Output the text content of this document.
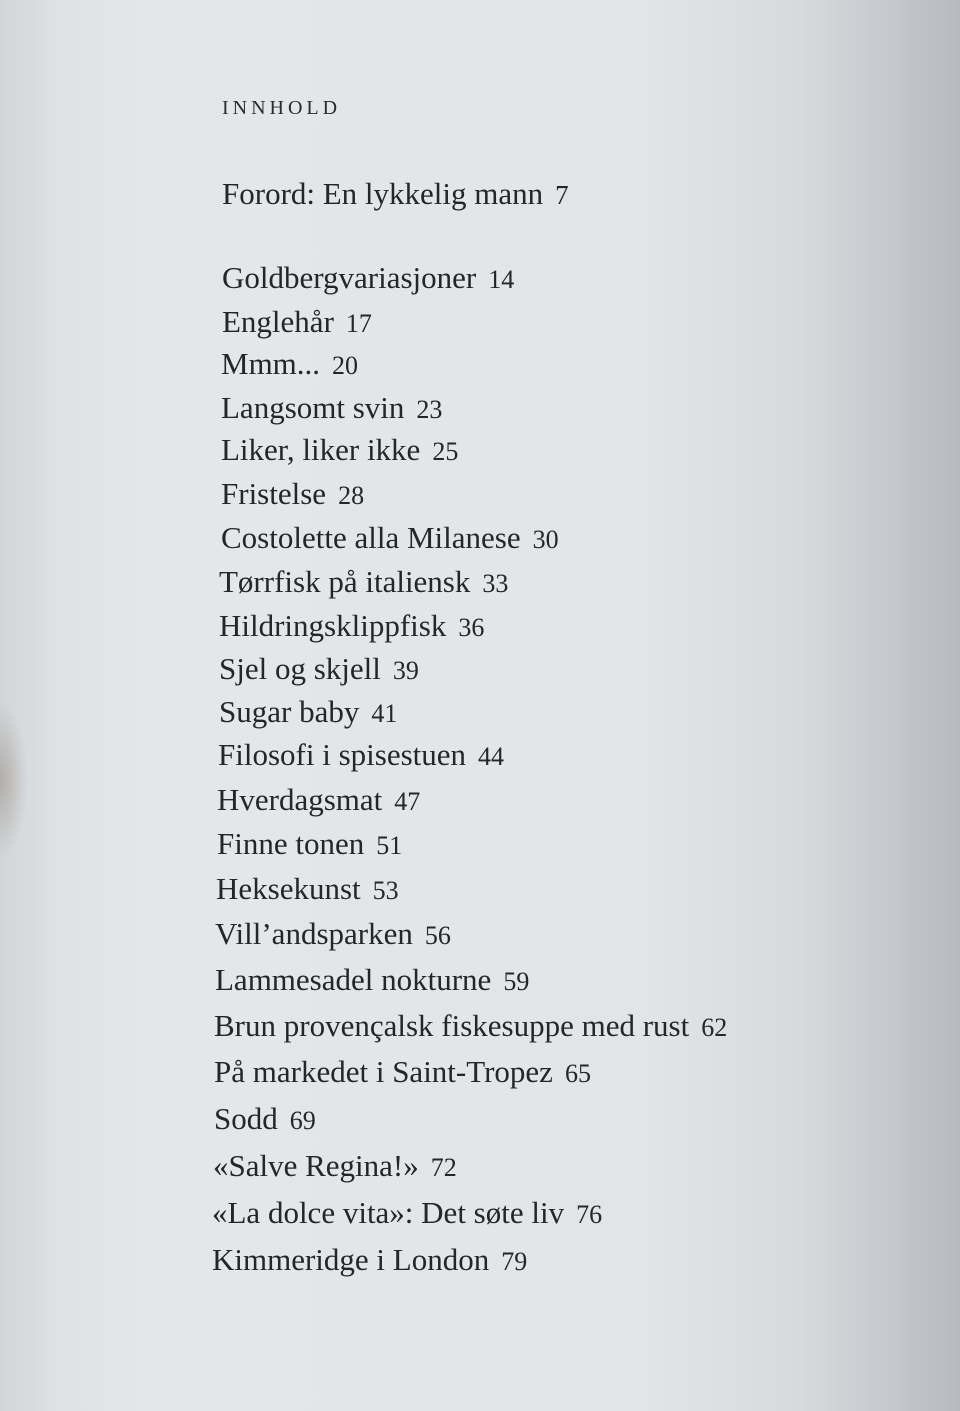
INNHOLD
Forord: En lykkelig mann 7
Goldbergvariasjoner 14
Englehår 17
Mmm... 20
Langsomt svin 23
Liker, liker ikke 25
Fristelse 28
Costolette alla Milanese 30
Tørrfisk på italiensk 33
Hildringsklippfisk 36
Sjel og skjell 39
Sugar baby 41
Filosofi i spisestuen 44
Hverdagsmat 47
Finne tonen 51
Heksekunst 53
Vill’andsparken 56
Lammesadel nokturne 59
Brun provençalsk fiskesuppe med rust 62
På markedet i Saint-Tropez 65
Sodd 69
«Salve Regina!» 72
«La dolce vita»: Det søte liv 76
Kimmeridge i London 79
